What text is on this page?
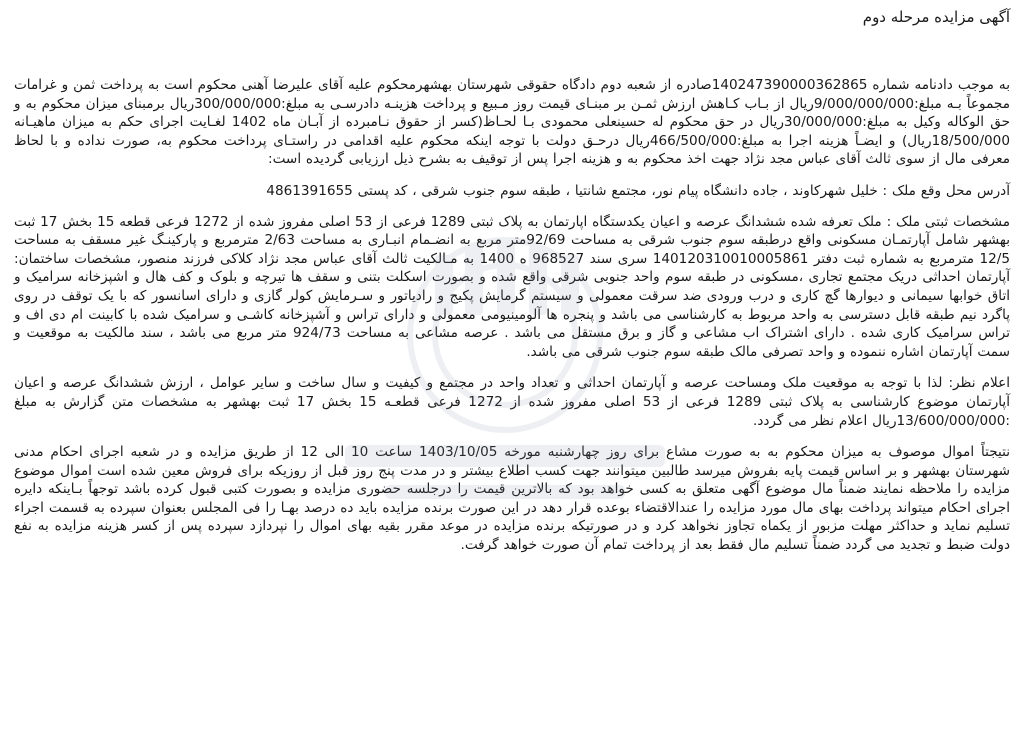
آگهی مزایده مرحله دوم

به موجب دادنامه شماره 140247390000362865صادره از شعبه دوم دادگاه حقوقی شهرستان بهشهرمحکوم علیه آقای علیرضا آهنی محکوم است به پرداخت ثمن و غرامات مجموعاً بـه مبلغ:9/000/000/000ریال از بـاب کـاهش ارزش ثمـن بر مبنـای قیمت روز مـبیع و پرداخت هزینـه دادرسـی به مبلغ:300/000/000ریال برمبنای میزان محکوم به و حق الوکاله وکیل به مبلغ:30/000/000ریال در حق محکوم له حسینعلی محمودی بـا لحـاظ(کسر از حقوق نـامبرده از آبـان ماه 1402 لغـایت اجرای حکم به میزان ماهیـانه 18/500/000ریال) و ایضـاً هزینه اجرا به مبلغ:466/500/000ریال درحـق دولت با توجه اینکه محکوم علیه اقدامی در راستـای پرداخت محکوم به، صورت نداده و با لحاظ معرفی مال از سوی ثالث آقای عباس مجد نژاد جهت اخذ محکوم به و هزینه اجرا پس از توقیف به بشرح ذیل ارزیابی گردیده است:

آدرس محل وقع ملک : خلیل شهرکاوند ، جاده دانشگاه پیام نور، مجتمع شانتیا ، طبقه سوم جنوب شرقی ، کد پستی 4861391655

مشخصات ثبتی ملک : ملک تعرفه شده ششدانگ عرصه و اعیان یکدستگاه اپارتمان به پلاک ثبتی 1289 فرعی از 53 اصلی مفروز شده از 1272 فرعی قطعه 15 بخش 17 ثبت بهشهر شامل آپارتمـان مسکونی واقع درطبقه سوم جنوب شرقی به مساحت 92/69متر مربع به انضـمام انبـاری به مساحت 2/63 مترمربع و پارکینـگ غیر مسقف به مساحت 12/5 مترمربع به شماره ثبت دفتر 140120310010005861 سری سند 968527 ه 1400 به مـالکیت ثالث آقای عباس مجد نژاد کلاکی فرزند منصور، مشخصات ساختمان: آپارتمان احداثی دریک مجتمع تجاری ،مسکونی در طبقه سوم واحد جنوبی شرقی واقع شده و بصورت اسکلت بتنی و سقف ها تیرچه و بلوک و کف هال و اشپزخانه سرامیک و اتاق خوابها سیمانی و دیوارها گچ کاری و درب ورودی ضد سرقت معمولی و سیستم گرمایش پکیج و رادیاتور و سـرمایش کولر گازی و دارای اسانسور که با یک توقف در روی پاگرد نیم طبقه قابل دسترسی به واحد مربوط به کارشناسی می باشد و پنجره ها آلومینیومی معمولی و دارای تراس و آشپزخانه کاشـی و سرامیک شده با کابینت ام دی اف و تراس سرامیک کاری شده . دارای اشتراک اب مشاعی و گاز و برق مستقل می باشد . عرصه مشاعی به مساحت 924/73 متر مربع می باشد ، سند مالکیت به موقعیت و سمت آپارتمان اشاره ننموده و واحد تصرفی مالک طبقه سوم جنوب شرقی می باشد.

اعلام نظر: لذا با توجه به موقعیت ملک ومساحت عرصه و آپارتمان احداثی و تعداد واحد در مجتمع و کیفیت و سال ساخت و سایر عوامل ، ارزش ششدانگ عرصه و اعیان آپارتمان موضوع کارشناسی به پلاک ثبتی 1289 فرعی از 53 اصلی مفروز شده از 1272 فرعی قطعـه 15 بخش 17 ثبت بهشهر به مشخصات متن گزارش به مبلغ :13/600/000/000ریال اعلام نظر می گردد.

نتیجتاً اموال موصوف به میزان محکوم به به صورت مشاع برای روز چهارشنبه مورخه 1403/10/05 ساعت 10 الی 12 از طریق مزایده و در شعبه اجرای احکام مدنی شهرستان بهشهر و بر اساس قیمت پایه بفروش میرسد طالبین میتوانند جهت کسب اطلاع بیشتر و در مدت پنج روز قبل از روزیکه برای فروش معین شده است اموال موضوع مزایده را ملاحظه نمایند ضمناً مال موضوع آگهی متعلق به کسی خواهد بود که بالاترین قیمت را درجلسه حضوری مزایده و بصورت کتبی قبول کرده باشد توجهاً بـاینکه دایره اجرای احکام میتواند پرداخت بهای مال مورد مزایده را عندالاقتضاء بوعده قرار دهد در این صورت برنده مزایده باید ده درصد بهـا را فی المجلس بعنوان سپرده به قسمت اجراء تسلیم نماید و حداکثر مهلت مزبور از یکماه تجاوز نخواهد کرد و در صورتیکه برنده مزایده در موعد مقرر بقیه بهای اموال را نپردازد سپرده پس از کسر هزینه مزایده به نفع دولت ضبط و تجدید می گردد ضمناً تسلیم مال فقط بعد از پرداخت تمام آن صورت خواهد گرفت.
